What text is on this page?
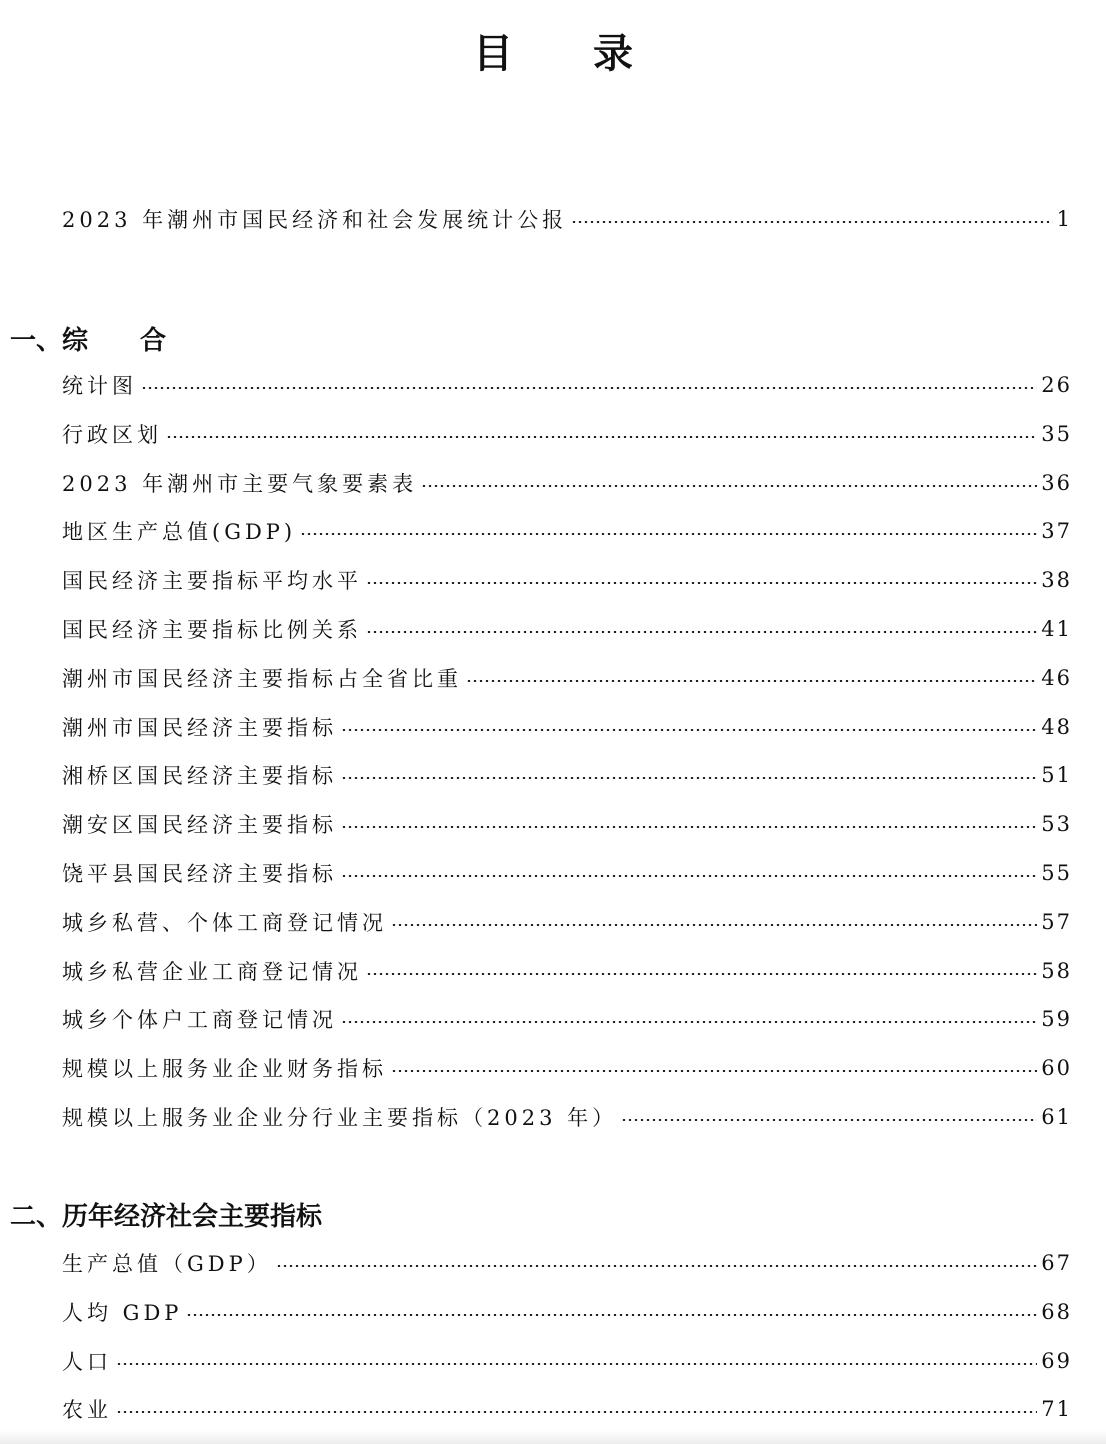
目　　录
2023 年潮州市国民经济和社会发展统计公报	1
一、综　　合
统计图	26
行政区划	35
2023 年潮州市主要气象要素表	36
地区生产总值(GDP)	37
国民经济主要指标平均水平	38
国民经济主要指标比例关系	41
潮州市国民经济主要指标占全省比重	46
潮州市国民经济主要指标	48
湘桥区国民经济主要指标	51
潮安区国民经济主要指标	53
饶平县国民经济主要指标	55
城乡私营、个体工商登记情况	57
城乡私营企业工商登记情况	58
城乡个体户工商登记情况	59
规模以上服务业企业财务指标	60
规模以上服务业企业分行业主要指标（2023 年）	61
二、历年经济社会主要指标
生产总值（GDP）	67
人均 GDP	68
人口	69
农业	71
